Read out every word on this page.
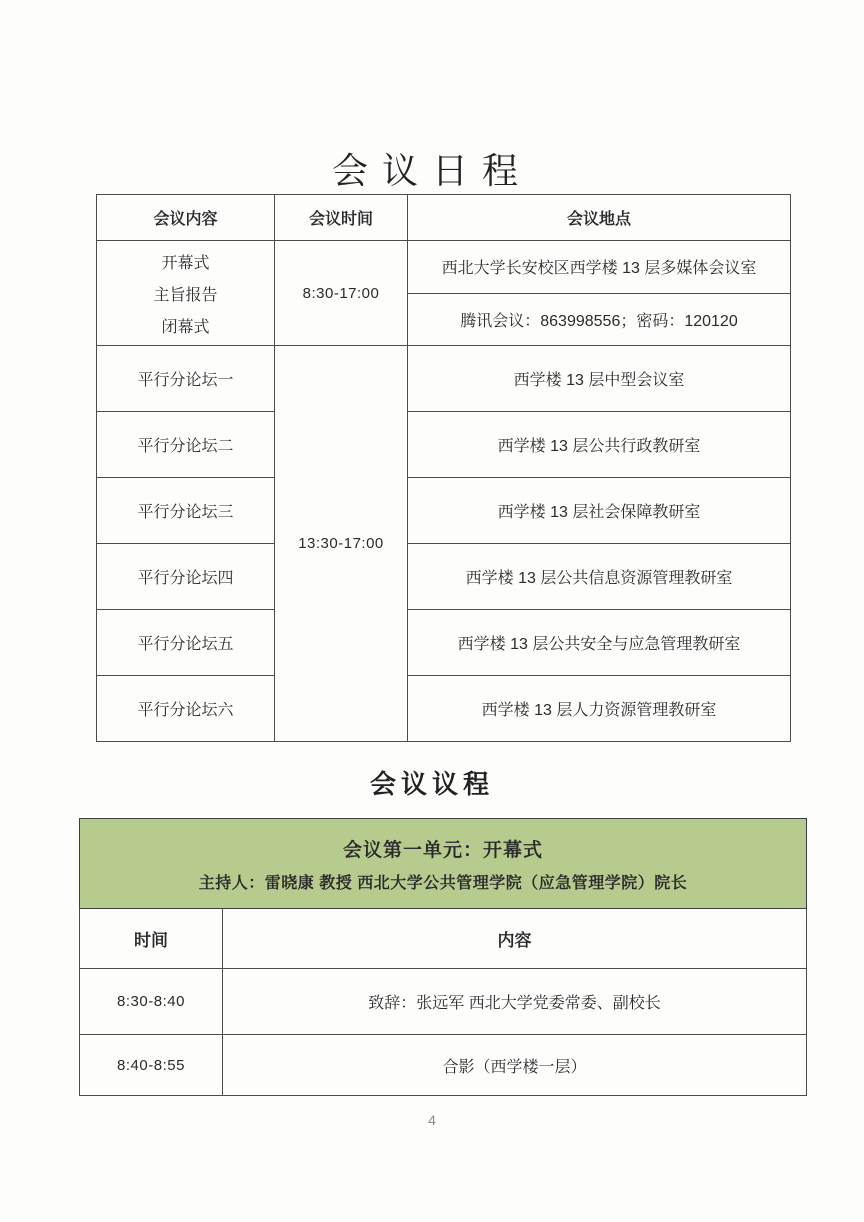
会议日程
会议内容	会议时间	会议地点

开幕式
主旨报告
闭幕式	8:30-17:00	西北大学长安校区西学楼 13 层多媒体会议室
		腾讯会议：863998556；密码：120120
平行分论坛一	13:30-17:00	西学楼 13 层中型会议室
平行分论坛二		西学楼 13 层公共行政教研室
平行分论坛三		西学楼 13 层社会保障教研室
平行分论坛四		西学楼 13 层公共信息资源管理教研室
平行分论坛五		西学楼 13 层公共安全与应急管理教研室
平行分论坛六		西学楼 13 层人力资源管理教研室
会议议程
会议第一单元：开幕式
主持人：雷晓康 教授 西北大学公共管理学院（应急管理学院）院长	

时间	内容
8:30-8:40	致辞：张远军 西北大学党委常委、副校长
8:40-8:55	合影（西学楼一层）
4
